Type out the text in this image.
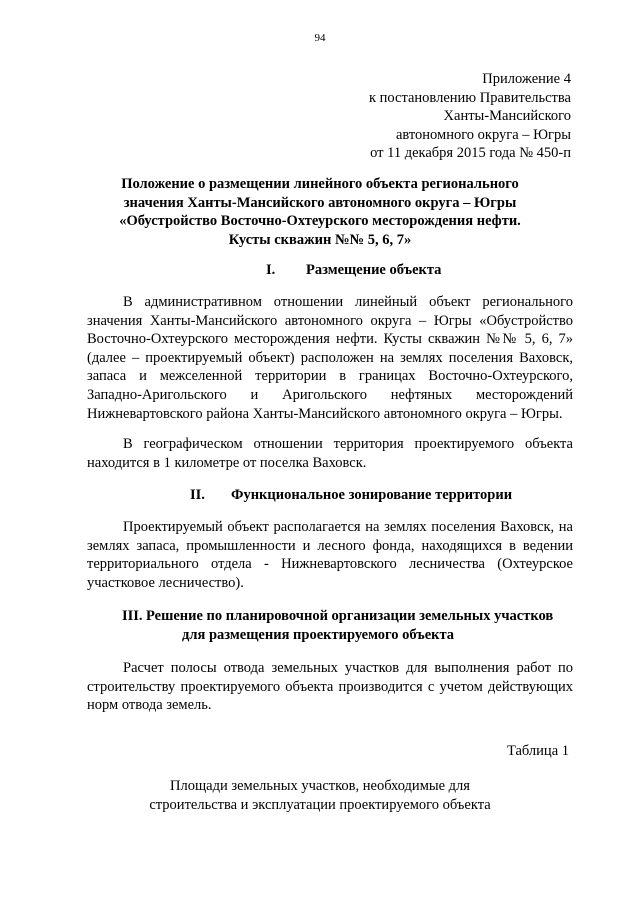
94
Приложение 4
к постановлению Правительства
Ханты-Мансийского
автономного округа – Югры
от 11 декабря 2015 года № 450-п
Положение о размещении линейного объекта регионального
значения Ханты-Мансийского автономного округа – Югры
«Обустройство Восточно-Охтеурского месторождения нефти.
Кусты скважин №№ 5, 6, 7»
I. Размещение объекта

В административном отношении линейный объект регионального значения Ханты-Мансийского автономного округа – Югры «Обустройство Восточно-Охтеурского месторождения нефти. Кусты скважин №№ 5, 6, 7» (далее – проектируемый объект) расположен на землях поселения Ваховск, запаса и межселенной территории в границах Восточно-Охтеурского, Западно-Аригольского и Аригольского нефтяных месторождений Нижневартовского района Ханты-Мансийского автономного округа – Югры.

В географическом отношении территория проектируемого объекта находится в 1 километре от поселка Ваховск.

II. Функциональное зонирование территории

Проектируемый объект располагается на землях поселения Ваховск, на землях запаса, промышленности и лесного фонда, находящихся в ведении территориального отдела - Нижневартовского лесничества (Охтеурское участковое лесничество).

III. Решение по планировочной организации земельных участков
для размещения проектируемого объекта

Расчет полосы отвода земельных участков для выполнения работ по строительству проектируемого объекта производится с учетом действующих норм отвода земель.

Таблица 1
Площади земельных участков, необходимые для
строительства и эксплуатации проектируемого объекта
